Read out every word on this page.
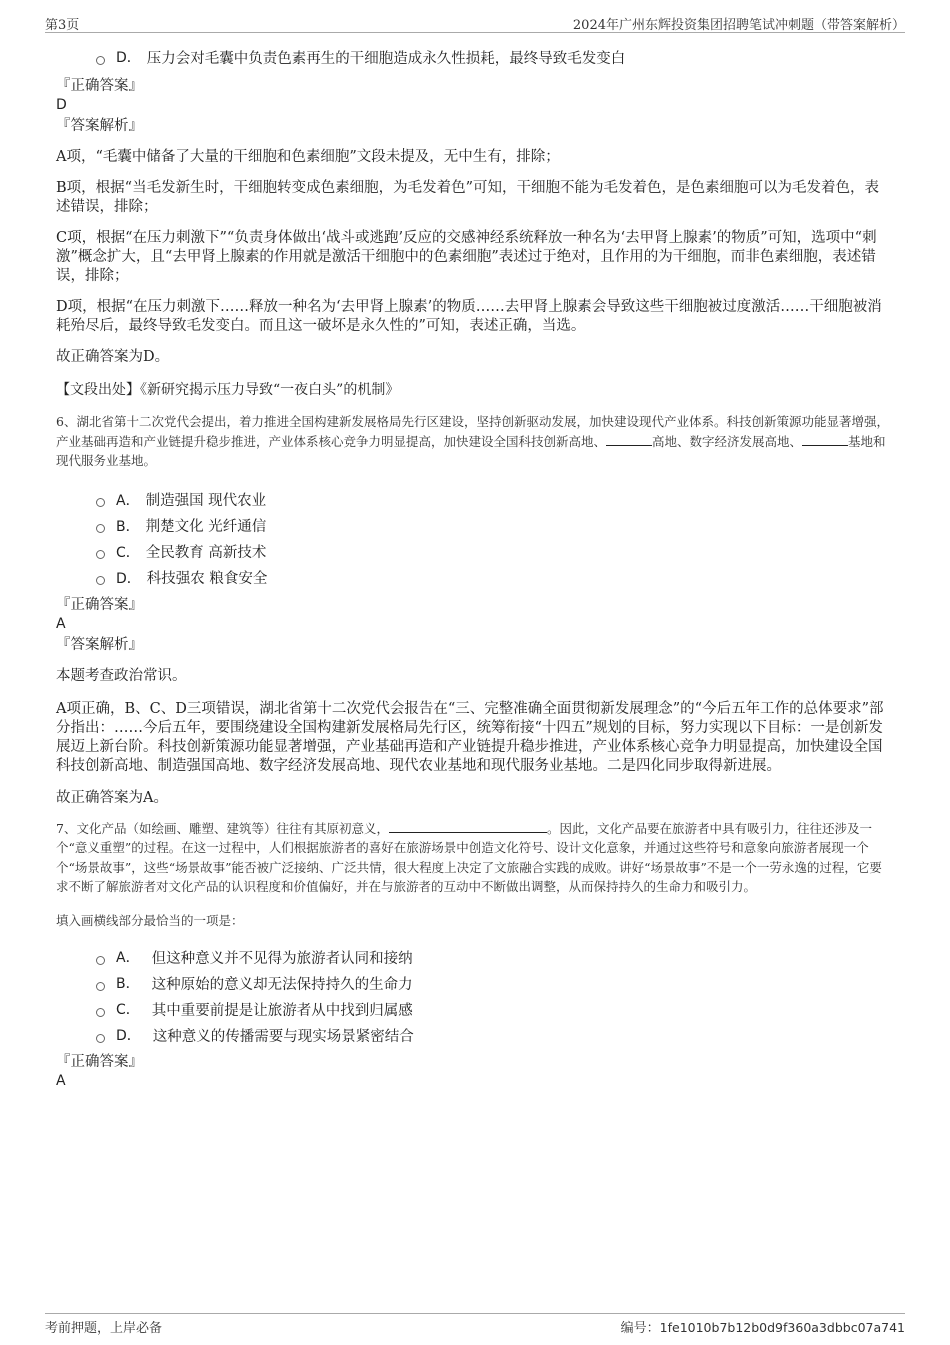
第3页	2024年广州东辉投资集团招聘笔试冲刺题（带答案解析）
D． 压力会对毛囊中负责色素再生的干细胞造成永久性损耗，最终导致毛发变白
『正确答案』
D
『答案解析』

A项，“毛囊中储备了大量的干细胞和色素细胞”文段未提及，无中生有，排除；

B项，根据“当毛发新生时，干细胞转变成色素细胞，为毛发着色”可知，干细胞不能为毛发着色，是色素细胞可以为毛发着色，表述错误，排除；

C项，根据“在压力刺激下”“负责身体做出‘战斗或逃跑’反应的交感神经系统释放一种名为‘去甲肾上腺素’的物质”可知，选项中“刺激”概念扩大，且“去甲肾上腺素的作用就是激活干细胞中的色素细胞”表述过于绝对，且作用的为干细胞，而非色素细胞，表述错误，排除；

D项，根据“在压力刺激下……释放一种名为‘去甲肾上腺素’的物质……去甲肾上腺素会导致这些干细胞被过度激活……干细胞被消耗殆尽后，最终导致毛发变白。而且这一破坏是永久性的”可知，表述正确，当选。

故正确答案为D。

【文段出处】《新研究揭示压力导致“一夜白头”的机制》

6、湖北省第十二次党代会提出，着力推进全国构建新发展格局先行区建设，坚持创新驱动发展，加快建设现代产业体系。科技创新策源功能显著增强，产业基础再造和产业链提升稳步推进，产业体系核心竞争力明显提高，加快建设全国科技创新高地、	高地、数字经济发展高地、	基地和现代服务业基地。

A． 制造强国 现代农业
B． 荆楚文化 光纤通信
C． 全民教育 高新技术
D． 科技强农 粮食安全
『正确答案』
A
『答案解析』

本题考查政治常识。

A项正确，B、C、D三项错误，湖北省第十二次党代会报告在“三、完整准确全面贯彻新发展理念”的“今后五年工作的总体要求”部分指出：……今后五年，要围绕建设全国构建新发展格局先行区，统筹衔接“十四五”规划的目标，努力实现以下目标：一是创新发展迈上新台阶。科技创新策源功能显著增强，产业基础再造和产业链提升稳步推进，产业体系核心竞争力明显提高，加快建设全国科技创新高地、制造强国高地、数字经济发展高地、现代农业基地和现代服务业基地。二是四化同步取得新进展。

故正确答案为A。

7、文化产品（如绘画、雕塑、建筑等）往往有其原初意义，	。因此，文化产品要在旅游者中具有吸引力，往往还涉及一个“意义重塑”的过程。在这一过程中，人们根据旅游者的喜好在旅游场景中创造文化符号、设计文化意象，并通过这些符号和意象向旅游者展现一个个“场景故事”，这些“场景故事”能否被广泛接纳、广泛共情，很大程度上决定了文旅融合实践的成败。讲好“场景故事”不是一个一劳永逸的过程，它要求不断了解旅游者对文化产品的认识程度和价值偏好，并在与旅游者的互动中不断做出调整，从而保持持久的生命力和吸引力。

填入画横线部分最恰当的一项是：

A． 但这种意义并不见得为旅游者认同和接纳
B． 这种原始的意义却无法保持持久的生命力
C． 其中重要前提是让旅游者从中找到归属感
D． 这种意义的传播需要与现实场景紧密结合
『正确答案』
A
考前押题，上岸必备	编号：1fe1010b7b12b0d9f360a3dbbc07a741
